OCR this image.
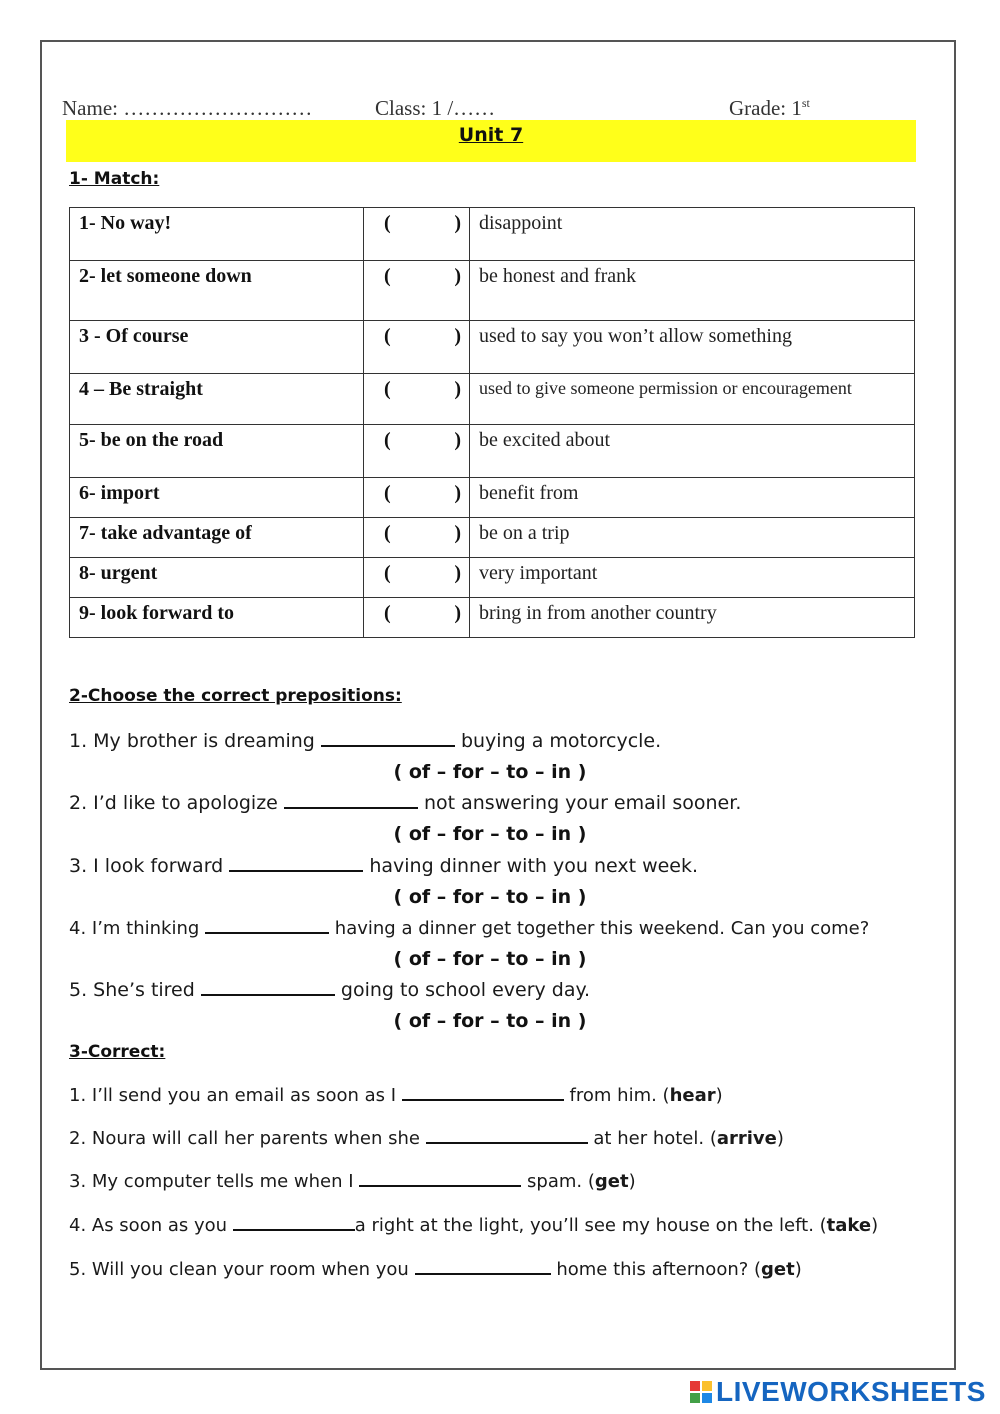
Name: ………………………	Class: 1 /……	Grade: 1st
Unit 7
1- Match:
1- No way!	( )	disappoint
2- let someone down	( )	be honest and frank
3 - Of course	( )	used to say you won’t allow something
4 – Be straight	( )	used to give someone permission or encouragement
5- be on the road	( )	be excited about
6- import	( )	benefit from
7- take advantage of	( )	be on a trip
8- urgent	( )	very important
9- look forward to	( )	bring in from another country
2-Choose the correct prepositions:
1. My brother is dreaming	buying a motorcycle.
( of – for – to – in )
2. I’d like to apologize	not answering your email sooner.
( of – for – to – in )
3. I look forward	having dinner with you next week.
( of – for – to – in )
4. I’m thinking	having a dinner get together this weekend. Can you come?
( of – for – to – in )
5. She’s tired	going to school every day.
( of – for – to – in )
3-Correct:
1. I’ll send you an email as soon as I	from him. (hear)
2. Noura will call her parents when she	at her hotel. (arrive)
3. My computer tells me when I	spam. (get)
4. As soon as you	a right at the light, you’ll see my house on the left. (take)
5. Will you clean your room when you	home this afternoon? (get)
LIVEWORKSHEETS
